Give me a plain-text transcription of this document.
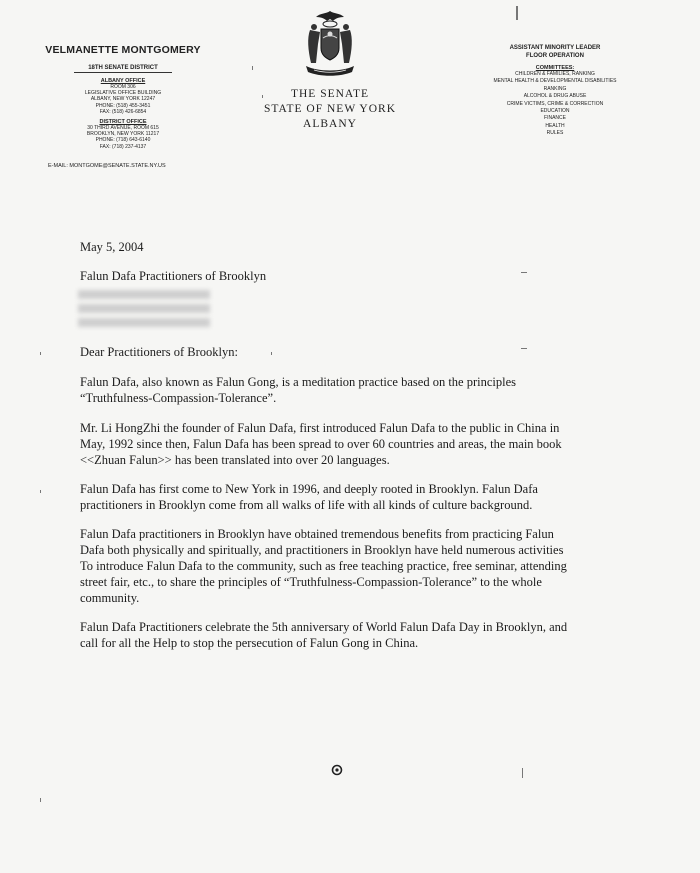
VELMANETTE MONTGOMERY
18TH SENATE DISTRICT
ALBANY OFFICE
ROOM 306
LEGISLATIVE OFFICE BUILDING
ALBANY, NEW YORK 12247
PHONE: (518) 455-3451
FAX: (518) 426-6854
DISTRICT OFFICE
30 THIRD AVENUE, ROOM 615
BROOKLYN, NEW YORK 11217
PHONE: (718) 643-6140
FAX: (718) 237-4137
E-MAIL: MONTGOME@SENATE.STATE.NY.US
THE SENATE
STATE OF NEW YORK
ALBANY
ASSISTANT MINORITY LEADER
FLOOR OPERATION
COMMITTEES:
CHILDREN & FAMILIES, RANKING
MENTAL HEALTH & DEVELOPMENTAL DISABILITIES
RANKING
ALCOHOL & DRUG ABUSE
CRIME VICTIMS, CRIME & CORRECTION
EDUCATION
FINANCE
HEALTH
RULES
May 5, 2004
Falun Dafa Practitioners of Brooklyn
Dear Practitioners of Brooklyn:

Falun Dafa, also known as Falun Gong, is a meditation practice based on the principles

“Truthfulness-Compassion-Tolerance”.

Mr. Li HongZhi the founder of Falun Dafa, first introduced Falun Dafa to the public in China in

May, 1992 since then, Falun Dafa has been spread to over 60 countries and areas, the main book

<<Zhuan Falun>> has been translated into over 20 languages.

Falun Dafa has first come to New York in 1996, and deeply rooted in Brooklyn. Falun Dafa

practitioners in Brooklyn come from all walks of life with all kinds of culture background.

Falun Dafa practitioners in Brooklyn have obtained tremendous benefits from practicing Falun

Dafa both physically and spiritually, and practitioners in Brooklyn have held numerous activities

To introduce Falun Dafa to the community, such as free teaching practice, free seminar, attending

street fair, etc., to share the principles of “Truthfulness-Compassion-Tolerance” to the whole

community.

Falun Dafa Practitioners celebrate the 5th anniversary of World Falun Dafa Day in Brooklyn, and

call for all the Help to stop the persecution of Falun Gong in China.
